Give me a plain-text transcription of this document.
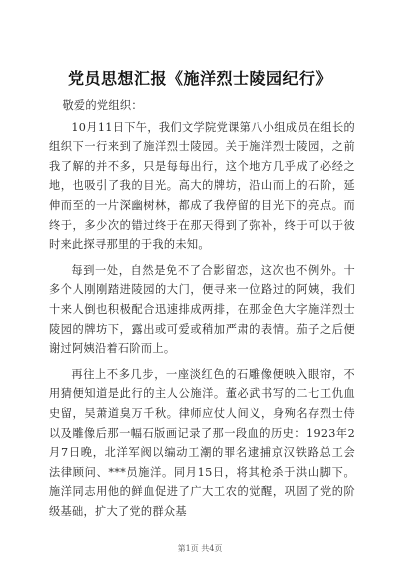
党员思想汇报《施洋烈士陵园纪行》

敬爱的党组织：

10月11日下午，我们文学院党课第八小组成员在组长的组织下一行来到了施洋烈士陵园。关于施洋烈士陵园，之前我了解的并不多，只是每每出行，这个地方几乎成了必经之地，也吸引了我的目光。高大的牌坊，沿山而上的石阶，延伸而至的一片深幽树林，都成了我停留的目光下的亮点。而终于，多少次的错过终于在那天得到了弥补，终于可以于彼时来此探寻那里的于我的未知。

每到一处，自然是免不了合影留恋，这次也不例外。十多个人刚刚踏进陵园的大门，便寻来一位路过的阿姨，我们十来人倒也积极配合迅速排成两排，在那金色大字施洋烈士陵园的牌坊下，露出或可爱或稍加严肃的表情。茄子之后便谢过阿姨沿着石阶而上。

再往上不多几步，一座淡红色的石雕像便映入眼帘，不用猜便知道是此行的主人公施洋。董必武书写的二七工仇血史留，吴萧道臭万千秋。律师应仗人间义，身殉名存烈士侍以及雕像后那一幅石版画记录了那一段血的历史：1923年2月7日晚，北洋军阀以编动工潮的罪名逮捕京汉铁路总工会法律顾问、***员施洋。同月15日，将其枪杀于洪山脚下。施洋同志用他的鲜血促进了广大工农的觉醒，巩固了党的阶级基础，扩大了党的群众基

第1页 共4页
